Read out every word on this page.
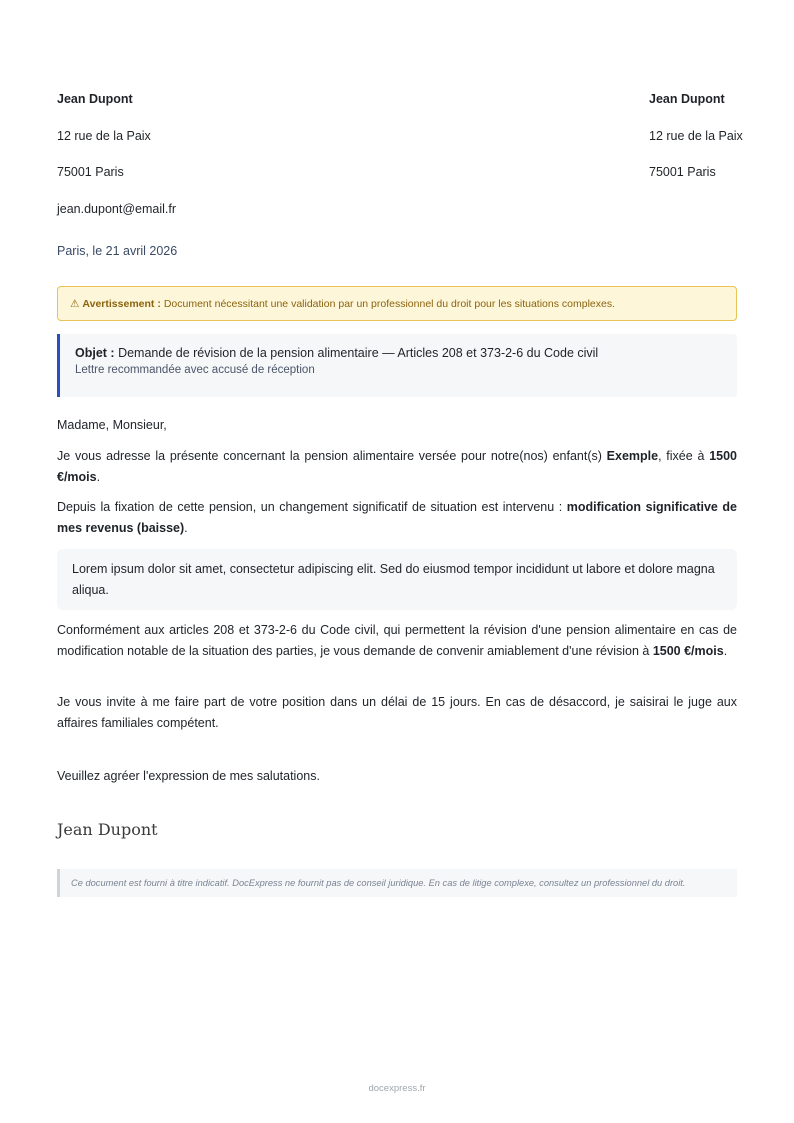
Jean Dupont
12 rue de la Paix
75001 Paris
jean.dupont@email.fr
Jean Dupont
12 rue de la Paix
75001 Paris
Paris, le 21 avril 2026
⚠ Avertissement : Document nécessitant une validation par un professionnel du droit pour les situations complexes.
Objet : Demande de révision de la pension alimentaire — Articles 208 et 373-2-6 du Code civil
Lettre recommandée avec accusé de réception
Madame, Monsieur,
Je vous adresse la présente concernant la pension alimentaire versée pour notre(nos) enfant(s) Exemple, fixée à 1500 €/mois.
Depuis la fixation de cette pension, un changement significatif de situation est intervenu : modification significative de mes revenus (baisse).
Lorem ipsum dolor sit amet, consectetur adipiscing elit. Sed do eiusmod tempor incididunt ut labore et dolore magna aliqua.
Conformément aux articles 208 et 373-2-6 du Code civil, qui permettent la révision d'une pension alimentaire en cas de modification notable de la situation des parties, je vous demande de convenir amiablement d'une révision à 1500 €/mois.
Je vous invite à me faire part de votre position dans un délai de 15 jours. En cas de désaccord, je saisirai le juge aux affaires familiales compétent.
Veuillez agréer l'expression de mes salutations.
Jean Dupont
Ce document est fourni à titre indicatif. DocExpress ne fournit pas de conseil juridique. En cas de litige complexe, consultez un professionnel du droit.
docexpress.fr
